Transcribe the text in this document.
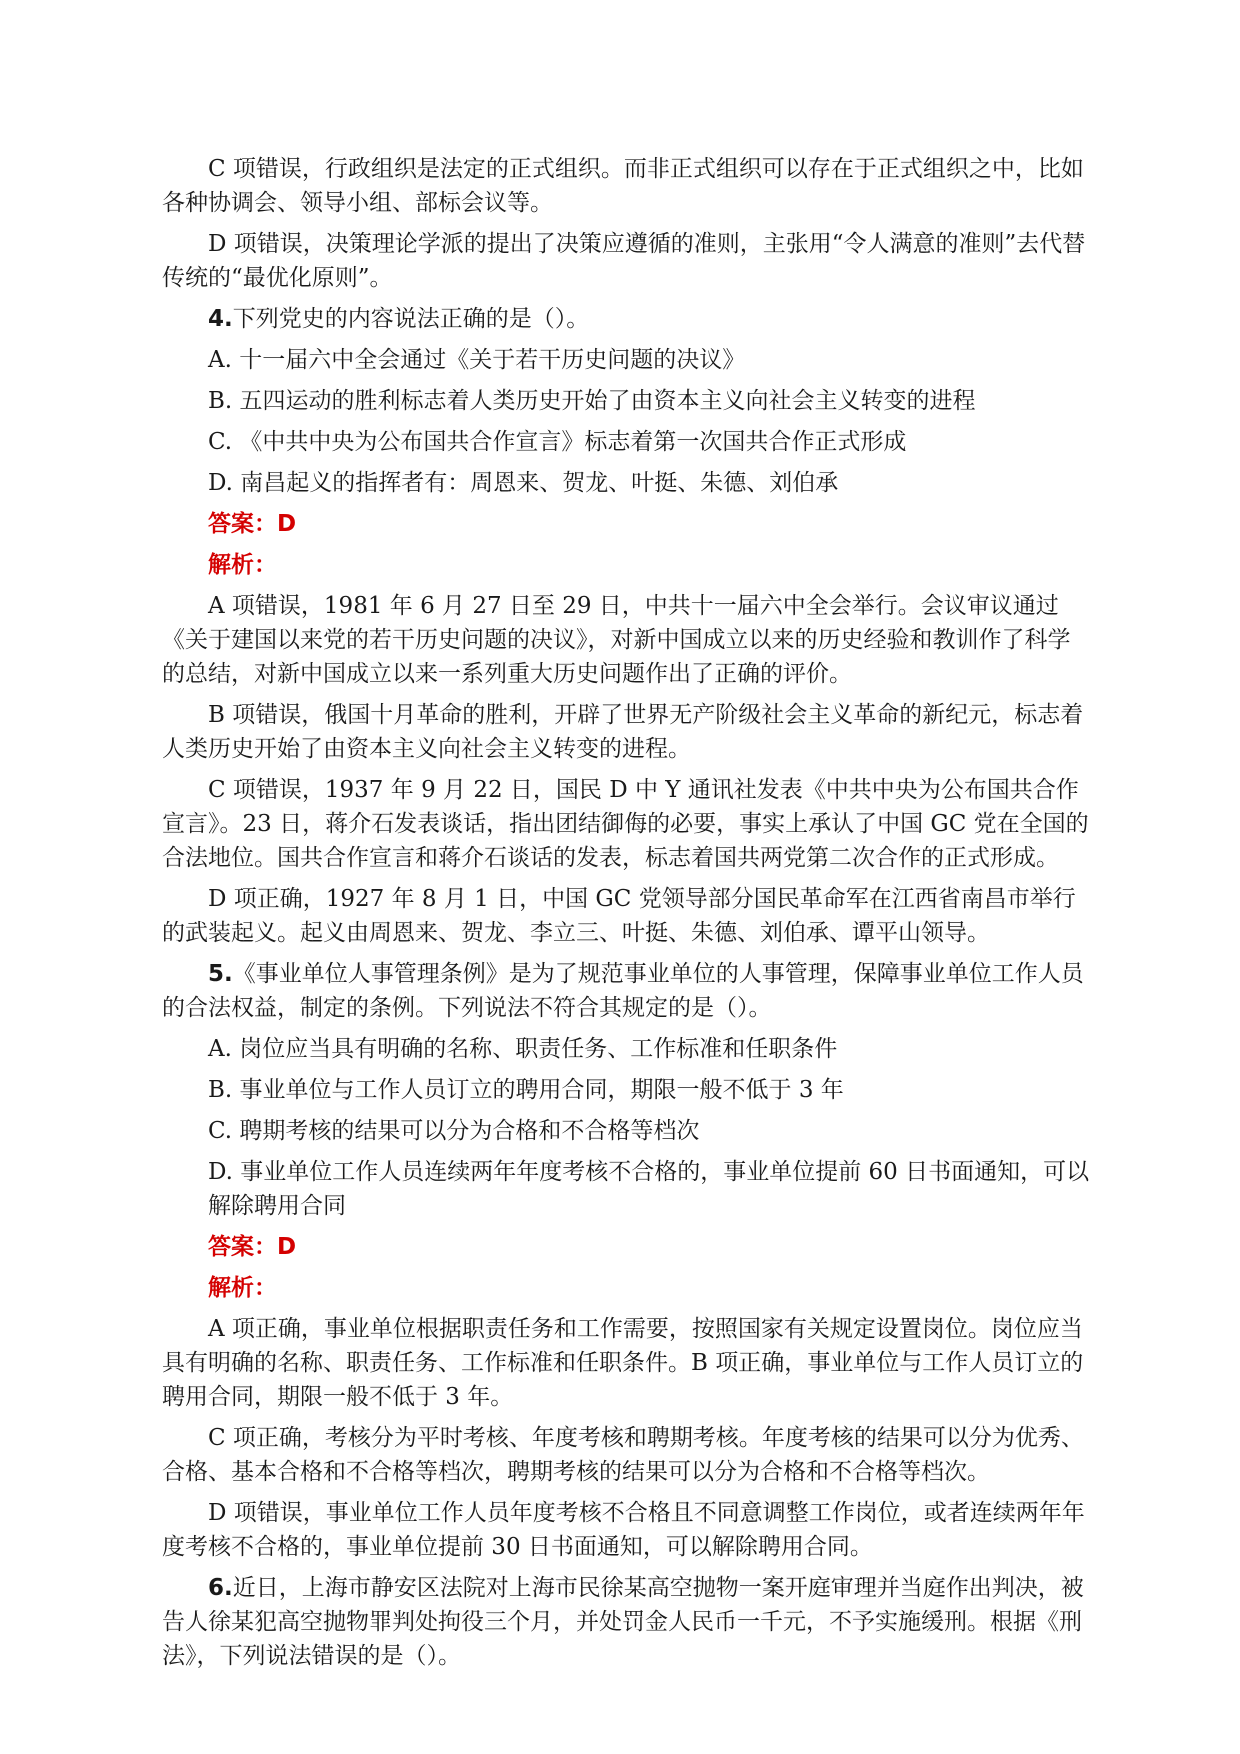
C 项错误，行政组织是法定的正式组织。而非正式组织可以存在于正式组织之中，比如各种协调会、领导小组、部标会议等。

D 项错误，决策理论学派的提出了决策应遵循的准则，主张用“令人满意的准则”去代替传统的“最优化原则”。

4.下列党史的内容说法正确的是（）。

A. 十一届六中全会通过《关于若干历史问题的决议》

B. 五四运动的胜利标志着人类历史开始了由资本主义向社会主义转变的进程

C. 《中共中央为公布国共合作宣言》标志着第一次国共合作正式形成

D. 南昌起义的指挥者有：周恩来、贺龙、叶挺、朱德、刘伯承

答案：D

解析：

A 项错误，1981 年 6 月 27 日至 29 日，中共十一届六中全会举行。会议审议通过《关于建国以来党的若干历史问题的决议》，对新中国成立以来的历史经验和教训作了科学的总结，对新中国成立以来一系列重大历史问题作出了正确的评价。

B 项错误，俄国十月革命的胜利，开辟了世界无产阶级社会主义革命的新纪元，标志着人类历史开始了由资本主义向社会主义转变的进程。

C 项错误，1937 年 9 月 22 日，国民 D 中 Y 通讯社发表《中共中央为公布国共合作宣言》。23 日，蒋介石发表谈话，指出团结御侮的必要，事实上承认了中国 GC 党在全国的合法地位。国共合作宣言和蒋介石谈话的发表，标志着国共两党第二次合作的正式形成。

D 项正确，1927 年 8 月 1 日，中国 GC 党领导部分国民革命军在江西省南昌市举行的武装起义。起义由周恩来、贺龙、李立三、叶挺、朱德、刘伯承、谭平山领导。

5.《事业单位人事管理条例》是为了规范事业单位的人事管理，保障事业单位工作人员的合法权益，制定的条例。下列说法不符合其规定的是（）。

A. 岗位应当具有明确的名称、职责任务、工作标准和任职条件

B. 事业单位与工作人员订立的聘用合同，期限一般不低于 3 年

C. 聘期考核的结果可以分为合格和不合格等档次

D. 事业单位工作人员连续两年年度考核不合格的，事业单位提前 60 日书面通知，可以解除聘用合同

答案：D

解析：

A 项正确，事业单位根据职责任务和工作需要，按照国家有关规定设置岗位。岗位应当具有明确的名称、职责任务、工作标准和任职条件。B 项正确，事业单位与工作人员订立的聘用合同，期限一般不低于 3 年。

C 项正确，考核分为平时考核、年度考核和聘期考核。年度考核的结果可以分为优秀、合格、基本合格和不合格等档次，聘期考核的结果可以分为合格和不合格等档次。

D 项错误，事业单位工作人员年度考核不合格且不同意调整工作岗位，或者连续两年年度考核不合格的，事业单位提前 30 日书面通知，可以解除聘用合同。

6.近日，上海市静安区法院对上海市民徐某高空抛物一案开庭审理并当庭作出判决，被告人徐某犯高空抛物罪判处拘役三个月，并处罚金人民币一千元，不予实施缓刑。根据《刑法》，下列说法错误的是（）。
